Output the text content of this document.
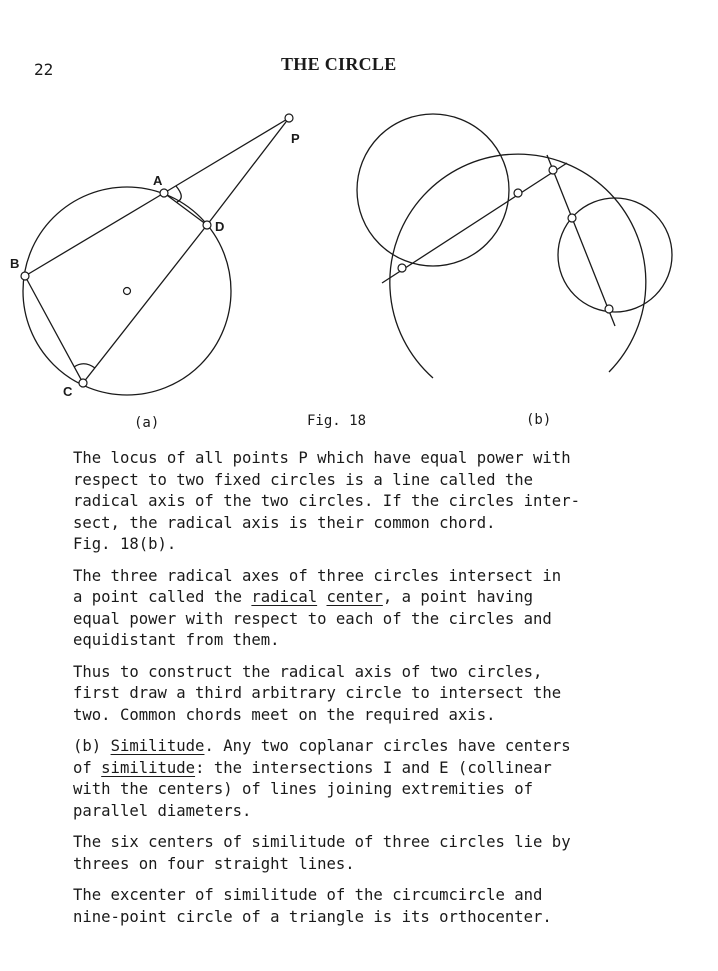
22	THE CIRCLE
P
A
D
B
C
(a)	Fig. 18	(b)
The locus of all points P which have equal power with
respect to two fixed circles is a line called the
radical axis of the two circles. If the circles inter-
sect, the radical axis is their common chord.
Fig. 18(b).
The three radical axes of three circles intersect in
a point called the radical center, a point having
equal power with respect to each of the circles and
equidistant from them.
Thus to construct the radical axis of two circles,
first draw a third arbitrary circle to intersect the
two. Common chords meet on the required axis.
(b) Similitude. Any two coplanar circles have centers
of similitude: the intersections I and E (collinear
with the centers) of lines joining extremities of
parallel diameters.
The six centers of similitude of three circles lie by
threes on four straight lines.
The excenter of similitude of the circumcircle and
nine-point circle of a triangle is its orthocenter.
